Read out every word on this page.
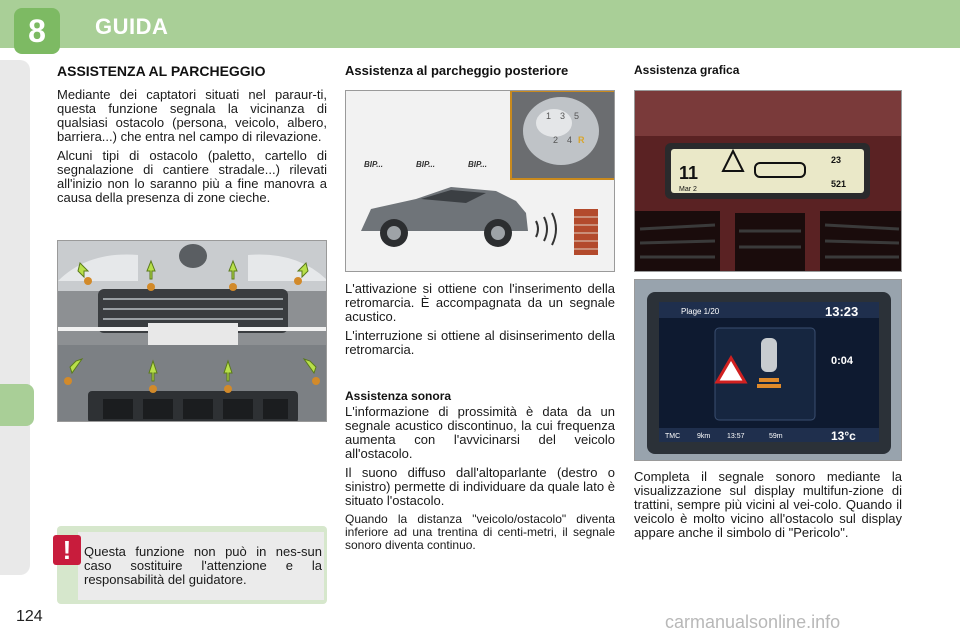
8	GUIDA
ASSISTENZA AL PARCHEGGIO

Mediante dei captatori situati nel paraur-ti, questa funzione segnala la vicinanza di qualsiasi ostacolo (persona, veicolo, albero, barriera...) che entra nel campo di rilevazione.

Alcuni tipi di ostacolo (paletto, cartello di segnalazione di cantiere stradale...) rilevati all'inizio non lo saranno più a fine manovra a causa della presenza di zone cieche.

! Questa funzione non può in nes-sun caso sostituire l'attenzione e la responsabilità del guidatore.
Assistenza al parcheggio posteriore
1 3 5
2 4 R
BIP...	BIP...	BIP...

L'attivazione si ottiene con l'inserimento della retromarcia. È accompagnata da un segnale acustico.

L'interruzione si ottiene al disinserimento della retromarcia.

Assistenza sonora

L'informazione di prossimità è data da un segnale acustico discontinuo, la cui frequenza aumenta con l'avvicinarsi del veicolo all'ostacolo.

Il suono diffuso dall'altoparlante (destro o sinistro) permette di individuare da quale lato è situato l'ostacolo.

Quando la distanza "veicolo/ostacolo" diventa inferiore ad una trentina di centi-metri, il segnale sonoro diventa continuo.

Assistenza grafica
11
Mar 2
23
521
Plage 1/20	13:23
0:04
TMC 9km 13:57	59m	13°c

Completa il segnale sonoro mediante la visualizzazione sul display multifun-zione di trattini, sempre più vicini al vei-colo. Quando il veicolo è molto vicino all'ostacolo sul display appare anche il simbolo di "Pericolo".

124	carmanualsonline.info
